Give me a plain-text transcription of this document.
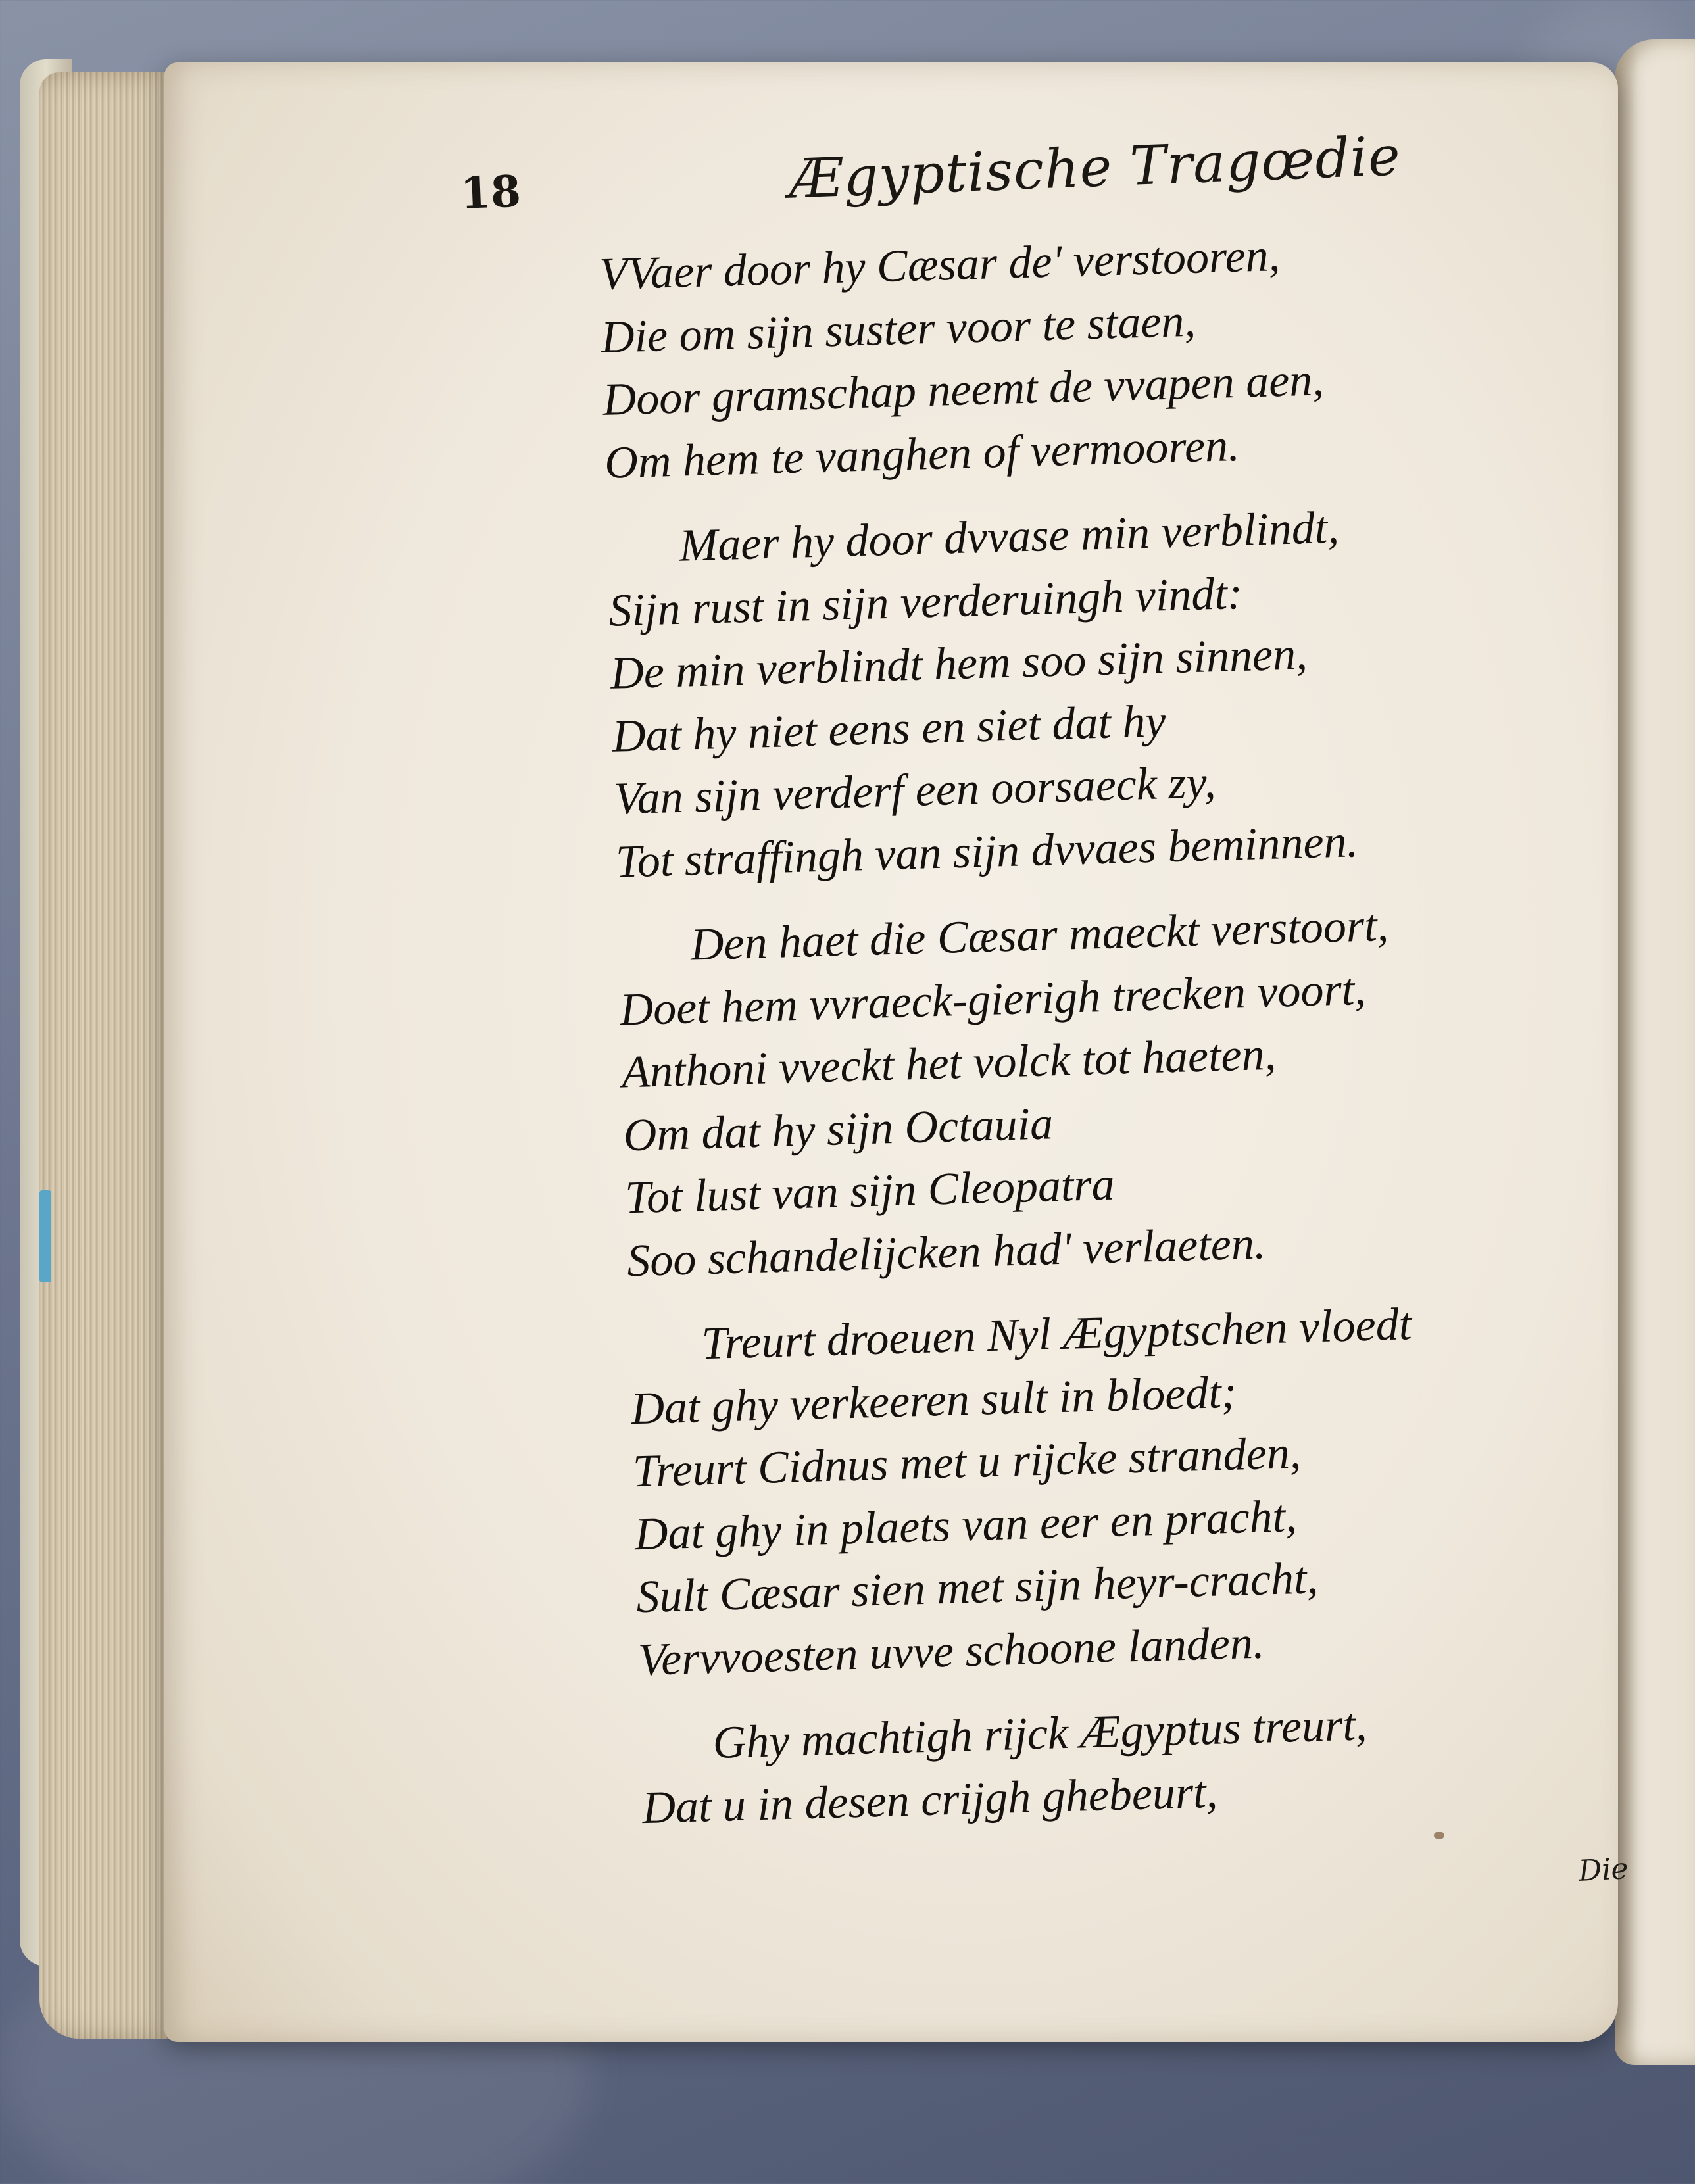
18	Ægyptische Tragœdie
VVaer door hy Cæsar de' verstooren,
Die om sijn suster voor te staen,
Door gramschap neemt de vvapen aen,
Om hem te vanghen of vermooren.
Maer hy door dvvase min verblindt,
Sijn rust in sijn verderuingh vindt:
De min verblindt hem soo sijn sinnen,
Dat hy niet eens en siet dat hy
Van sijn verderf een oorsaeck zy,
Tot straffingh van sijn dvvaes beminnen.
Den haet die Cæsar maeckt verstoort,
Doet hem vvraeck-gierigh trecken voort,
Anthoni vveckt het volck tot haeten,
Om dat hy sijn Octauia
Tot lust van sijn Cleopatra
Soo schandelijcken had' verlaeten.
Treurt droeuen Nyl Ægyptschen vloedt
Dat ghy verkeeren sult in bloedt;
Treurt Cidnus met u rijcke stranden,
Dat ghy in plaets van eer en pracht,
Sult Cæsar sien met sijn heyr-cracht,
Vervvoesten uvve schoone landen.
Ghy machtigh rijck Ægyptus treurt,
Dat u in desen crijgh ghebeurt,
Die
